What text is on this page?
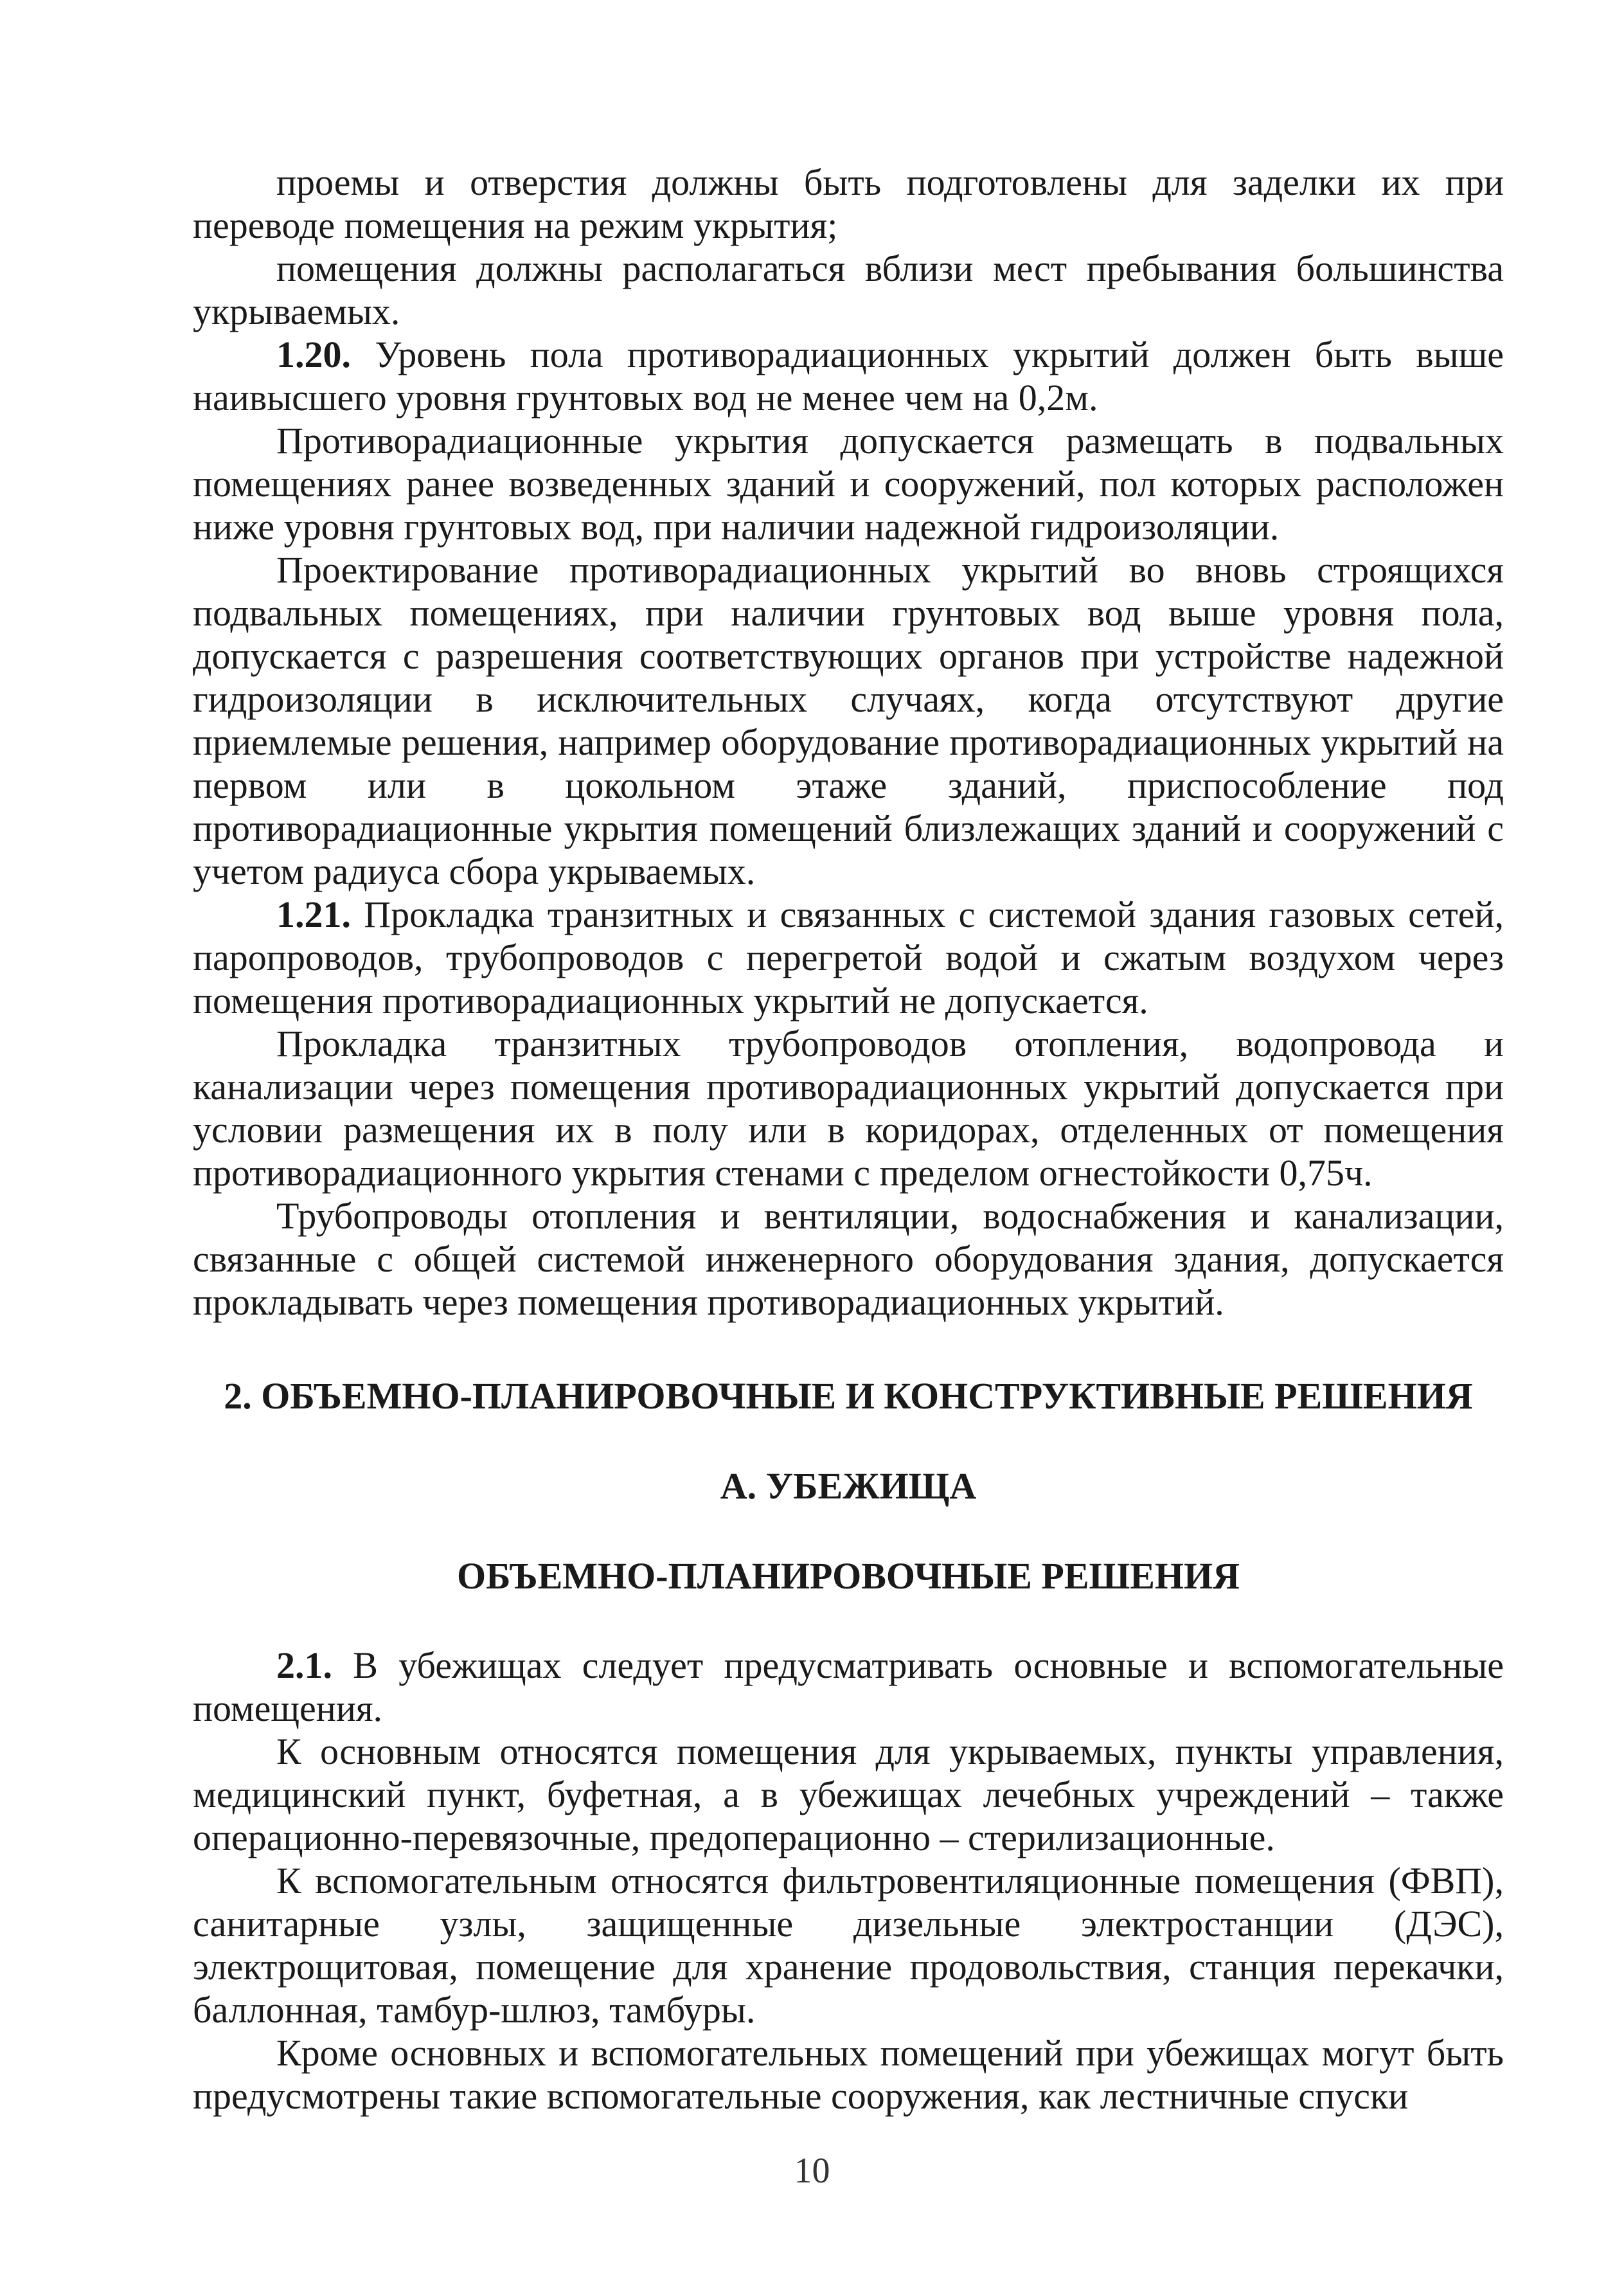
проемы и отверстия должны быть подготовлены для заделки их при переводе помещения на режим укрытия;

помещения должны располагаться вблизи мест пребывания большинства укрываемых.

1.20. Уровень пола противорадиационных укрытий должен быть выше наивысшего уровня грунтовых вод не менее чем на 0,2м.

Противорадиационные укрытия допускается размещать в подвальных помещениях ранее возведенных зданий и сооружений, пол которых расположен ниже уровня грунтовых вод, при наличии надежной гидроизоляции.

Проектирование противорадиационных укрытий во вновь строящихся подвальных помещениях, при наличии грунтовых вод выше уровня пола, допускается с разрешения соответствующих органов при устройстве надежной гидроизоляции в исключительных случаях, когда отсутствуют другие приемлемые решения, например оборудование противорадиационных укрытий на первом или в цокольном этаже зданий, приспособление под противорадиационные укрытия помещений близлежащих зданий и сооружений с учетом радиуса сбора укрываемых.

1.21. Прокладка транзитных и связанных с системой здания газовых сетей, паропроводов, трубопроводов с перегретой водой и сжатым воздухом через помещения противорадиационных укрытий не допускается.

Прокладка транзитных трубопроводов отопления, водопровода и канализации через помещения противорадиационных укрытий допускается при условии размещения их в полу или в коридорах, отделенных от помещения противорадиационного укрытия стенами с пределом огнестойкости 0,75ч.

Трубопроводы отопления и вентиляции, водоснабжения и канализации, связанные с общей системой инженерного оборудования здания, допускается прокладывать через помещения противорадиационных укрытий.

2. ОБЪЕМНО-ПЛАНИРОВОЧНЫЕ И КОНСТРУКТИВНЫЕ РЕШЕНИЯ
А. УБЕЖИЩА
ОБЪЕМНО-ПЛАНИРОВОЧНЫЕ РЕШЕНИЯ

2.1. В убежищах следует предусматривать основные и вспомогательные помещения.

К основным относятся помещения для укрываемых, пункты управления, медицинский пункт, буфетная, а в убежищах лечебных учреждений – также операционно-перевязочные, предоперационно – стерилизационные.

К вспомогательным относятся фильтровентиляционные помещения (ФВП), санитарные узлы, защищенные дизельные электростанции (ДЭС), электрощитовая, помещение для хранение продовольствия, станция перекачки, баллонная, тамбур-шлюз, тамбуры.

Кроме основных и вспомогательных помещений при убежищах могут быть предусмотрены такие вспомогательные сооружения, как лестничные спуски

10
